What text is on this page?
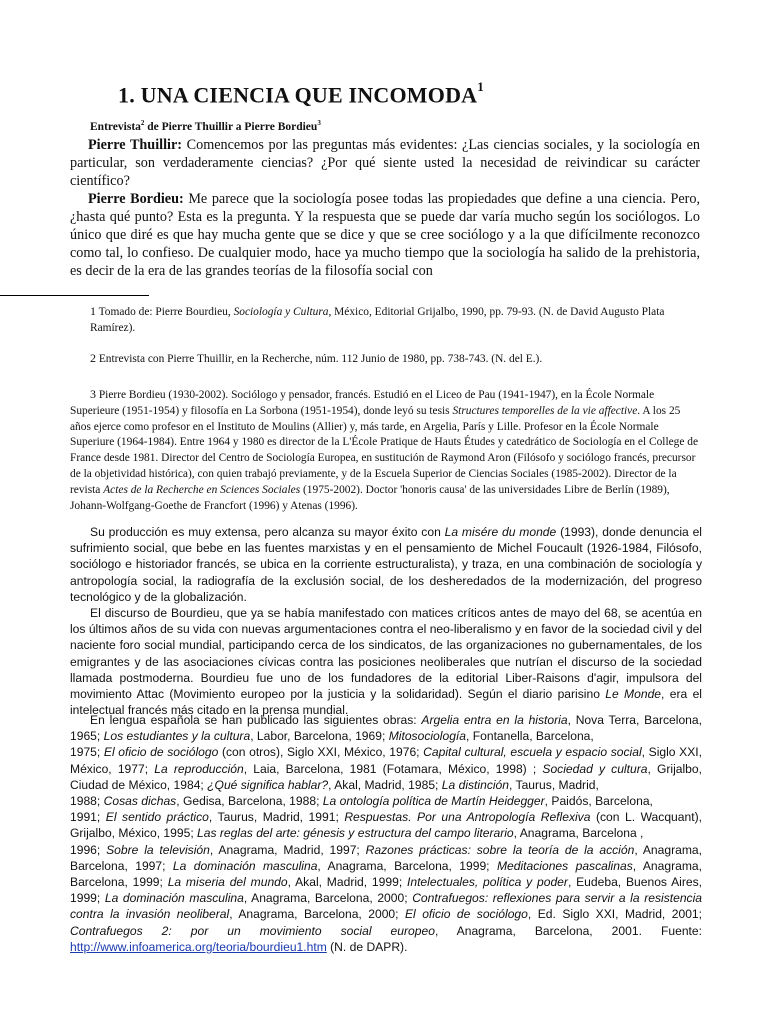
1. UNA CIENCIA QUE INCOMODA$^1$
Entrevista$^2$ de Pierre Thuillir a Pierre Bordieu$^3$

Pierre Thuillir: Comencemos por las preguntas más evidentes: ¿Las ciencias sociales, y la sociología en particular, son verdaderamente ciencias? ¿Por qué siente usted la necesidad de reivindicar su carácter científico?

Pierre Bordieu: Me parece que la sociología posee todas las propiedades que define a una ciencia. Pero, ¿hasta qué punto? Esta es la pregunta. Y la respuesta que se puede dar varía mucho según los sociólogos. Lo único que diré es que hay mucha gente que se dice y que se cree sociólogo y a la que difícilmente reconozco como tal, lo confieso. De cualquier modo, hace ya mucho tiempo que la sociología ha salido de la prehistoria, es decir de la era de las grandes teorías de la filosofía social con

1 Tomado de: Pierre Bourdieu, Sociología y Cultura, México, Editorial Grijalbo, 1990, pp. 79-93. (N. de David Augusto Plata Ramírez).

2 Entrevista con Pierre Thuillir, en la Recherche, núm. 112 Junio de 1980, pp. 738-743. (N. del E.).

3 Pierre Bordieu (1930-2002). Sociólogo y pensador, francés. Estudió en el Liceo de Pau (1941-1947), en la École Normale Superieure (1951-1954) y filosofía en La Sorbona (1951-1954), donde leyó su tesis Structures temporelles de la vie affective. A los 25 años ejerce como profesor en el Instituto de Moulins (Allier) y, más tarde, en Argelia, París y Lille. Profesor en la École Normale Superiure (1964-1984). Entre 1964 y 1980 es director de la L'École Pratique de Hauts Études y catedrático de Sociología en el College de France desde 1981. Director del Centro de Sociología Europea, en sustitución de Raymond Aron (Filósofo y sociólogo francés, precursor de la objetividad histórica), con quien trabajó previamente, y de la Escuela Superior de Ciencias Sociales (1985-2002). Director de la revista Actes de la Recherche en Sciences Sociales (1975-2002). Doctor 'honoris causa' de las universidades Libre de Berlín (1989), Johann-Wolfgang-Goethe de Francfort (1996) y Atenas (1996).

Su producción es muy extensa, pero alcanza su mayor éxito con La misére du monde (1993), donde denuncia el sufrimiento social, que bebe en las fuentes marxistas y en el pensamiento de Michel Foucault (1926-1984, Filósofo, sociólogo e historiador francés, se ubica en la corriente estructuralista), y traza, en una combinación de sociología y antropología social, la radiografía de la exclusión social, de los desheredados de la modernización, del progreso tecnológico y de la globalización.

El discurso de Bourdieu, que ya se había manifestado con matices críticos antes de mayo del 68, se acentúa en los últimos años de su vida con nuevas argumentaciones contra el neo-liberalismo y en favor de la sociedad civil y del naciente foro social mundial, participando cerca de los sindicatos, de las organizaciones no gubernamentales, de los emigrantes y de las asociaciones cívicas contra las posiciones neoliberales que nutrían el discurso de la sociedad llamada postmoderna. Bourdieu fue uno de los fundadores de la editorial Liber-Raisons d'agir, impulsora del movimiento Attac (Movimiento europeo por la justicia y la solidaridad). Según el diario parisino Le Monde, era el intelectual francés más citado en la prensa mundial.

En lengua española se han publicado las siguientes obras: Argelia entra en la historia, Nova Terra, Barcelona, 1965; Los estudiantes y la cultura, Labor, Barcelona, 1969; Mitosociología, Fontanella, Barcelona,
1975; El oficio de sociólogo (con otros), Siglo XXI, México, 1976; Capital cultural, escuela y espacio social, Siglo XXI, México, 1977; La reproducción, Laia, Barcelona, 1981 (Fotamara, México, 1998) ; Sociedad y cultura, Grijalbo, Ciudad de México, 1984; ¿Qué significa hablar?, Akal, Madrid, 1985; La distinción, Taurus, Madrid,
1988; Cosas dichas, Gedisa, Barcelona, 1988; La ontología política de Martín Heidegger, Paidós, Barcelona,
1991; El sentido práctico, Taurus, Madrid, 1991; Respuestas. Por una Antropología Reflexiva (con L. Wacquant), Grijalbo, México, 1995; Las reglas del arte: génesis y estructura del campo literario, Anagrama, Barcelona ,
1996; Sobre la televisión, Anagrama, Madrid, 1997; Razones prácticas: sobre la teoría de la acción, Anagrama, Barcelona, 1997; La dominación masculina, Anagrama, Barcelona, 1999; Meditaciones pascalinas, Anagrama, Barcelona, 1999; La miseria del mundo, Akal, Madrid, 1999; Intelectuales, política y poder, Eudeba, Buenos Aires, 1999; La dominación masculina, Anagrama, Barcelona, 2000; Contrafuegos: reflexiones para servir a la resistencia contra la invasión neoliberal, Anagrama, Barcelona, 2000; El oficio de sociólogo, Ed. Siglo XXI, Madrid, 2001; Contrafuegos 2: por un movimiento social europeo, Anagrama, Barcelona, 2001. Fuente: http://www.infoamerica.org/teoria/bourdieu1.htm (N. de DAPR).
